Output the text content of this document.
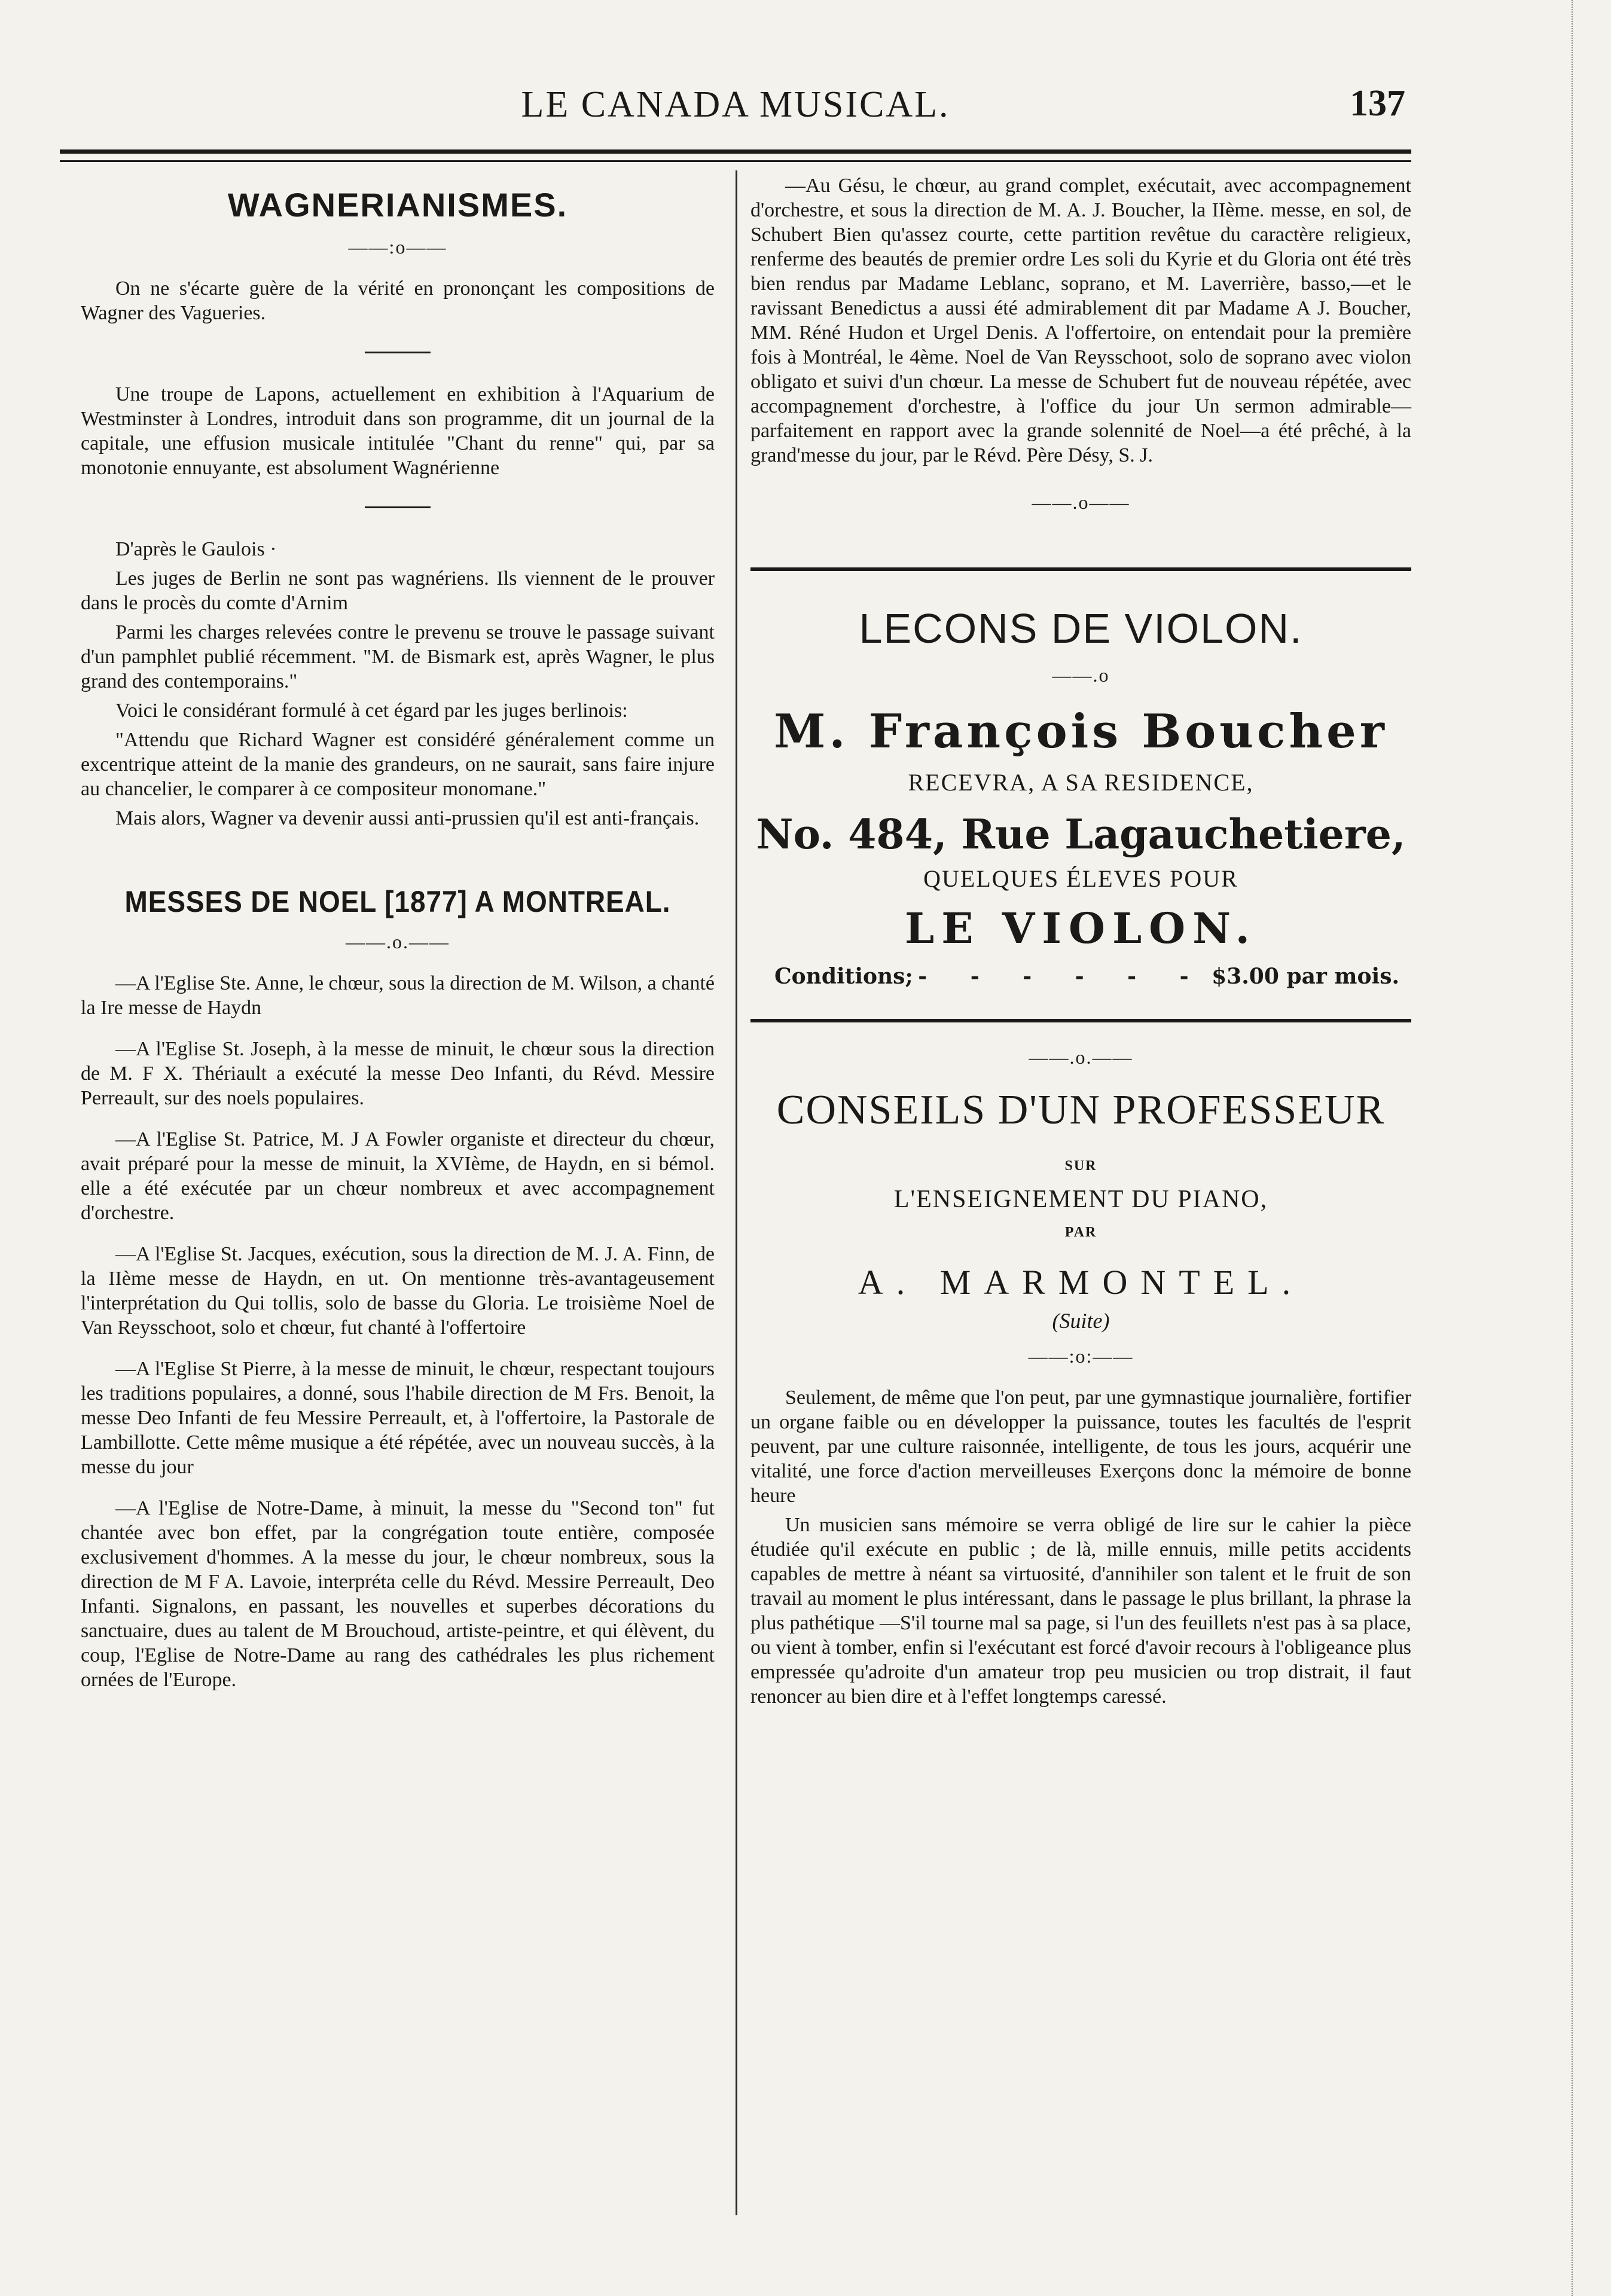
LE CANADA MUSICAL.	137
WAGNERIANISMES.
——:o——

On ne s'écarte guère de la vérité en prononçant les compositions de Wagner des Vagueries.

Une troupe de Lapons, actuellement en exhibition à l'Aquarium de Westminster à Londres, introduit dans son programme, dit un journal de la capitale, une effusion musicale intitulée "Chant du renne" qui, par sa monotonie ennuyante, est absolument Wagnérienne

D'après le Gaulois ·

Les juges de Berlin ne sont pas wagnériens. Ils viennent de le prouver dans le procès du comte d'Arnim

Parmi les charges relevées contre le prevenu se trouve le passage suivant d'un pamphlet publié récemment. "M. de Bismark est, après Wagner, le plus grand des contemporains."

Voici le considérant formulé à cet égard par les juges berlinois:

"Attendu que Richard Wagner est considéré généralement comme un excentrique atteint de la manie des grandeurs, on ne saurait, sans faire injure au chancelier, le comparer à ce compositeur monomane."

Mais alors, Wagner va devenir aussi anti-prussien qu'il est anti-français.

MESSES DE NOEL [1877] A MONTREAL.
——.o.——

—A l'Eglise Ste. Anne, le chœur, sous la direction de M. Wilson, a chanté la Ire messe de Haydn

—A l'Eglise St. Joseph, à la messe de minuit, le chœur sous la direction de M. F X. Thériault a exécuté la messe Deo Infanti, du Révd. Messire Perreault, sur des noels populaires.

—A l'Eglise St. Patrice, M. J A Fowler organiste et directeur du chœur, avait préparé pour la messe de minuit, la XVIème, de Haydn, en si bémol. elle a été exécutée par un chœur nombreux et avec accompagnement d'orchestre.

—A l'Eglise St. Jacques, exécution, sous la direction de M. J. A. Finn, de la IIème messe de Haydn, en ut. On mentionne très-avantageusement l'interprétation du Qui tollis, solo de basse du Gloria. Le troisième Noel de Van Reysschoot, solo et chœur, fut chanté à l'offertoire

—A l'Eglise St Pierre, à la messe de minuit, le chœur, respectant toujours les traditions populaires, a donné, sous l'habile direction de M Frs. Benoit, la messe Deo Infanti de feu Messire Perreault, et, à l'offertoire, la Pastorale de Lambillotte. Cette même musique a été répétée, avec un nouveau succès, à la messe du jour

—A l'Eglise de Notre-Dame, à minuit, la messe du "Second ton" fut chantée avec bon effet, par la congrégation toute entière, composée exclusivement d'hommes. A la messe du jour, le chœur nombreux, sous la direction de M F A. Lavoie, interpréta celle du Révd. Messire Perreault, Deo Infanti. Signalons, en passant, les nouvelles et superbes décorations du sanctuaire, dues au talent de M Brouchoud, artiste-peintre, et qui élèvent, du coup, l'Eglise de Notre-Dame au rang des cathédrales les plus richement ornées de l'Europe.

—Au Gésu, le chœur, au grand complet, exécutait, avec accompagnement d'orchestre, et sous la direction de M. A. J. Boucher, la IIème. messe, en sol, de Schubert Bien qu'assez courte, cette partition revêtue du caractère religieux, renferme des beautés de premier ordre Les soli du Kyrie et du Gloria ont été très bien rendus par Madame Leblanc, soprano, et M. Laverrière, basso,—et le ravissant Benedictus a aussi été admirablement dit par Madame A J. Boucher, MM. Réné Hudon et Urgel Denis. A l'offertoire, on entendait pour la première fois à Montréal, le 4ème. Noel de Van Reysschoot, solo de soprano avec violon obligato et suivi d'un chœur. La messe de Schubert fut de nouveau répétée, avec accompagnement d'orchestre, à l'office du jour Un sermon admirable—parfaitement en rapport avec la grande solennité de Noel—a été prêché, à la grand'messe du jour, par le Révd. Père Désy, S. J.

——.o——
LECONS DE VIOLON.
——.o
M. François Boucher
RECEVRA, A SA RESIDENCE,
No. 484, Rue Lagauchetiere,
QUELQUES ÉLEVES POUR
LE VIOLON.
Conditions; - - - - - - $3.00 par mois.
——.o.——
CONSEILS D'UN PROFESSEUR
SUR
L'ENSEIGNEMENT DU PIANO,
PAR
A. MARMONTEL.
(Suite)
——:o:——

Seulement, de même que l'on peut, par une gymnastique journalière, fortifier un organe faible ou en développer la puissance, toutes les facultés de l'esprit peuvent, par une culture raisonnée, intelligente, de tous les jours, acquérir une vitalité, une force d'action merveilleuses Exerçons donc la mémoire de bonne heure

Un musicien sans mémoire se verra obligé de lire sur le cahier la pièce étudiée qu'il exécute en public ; de là, mille ennuis, mille petits accidents capables de mettre à néant sa virtuosité, d'annihiler son talent et le fruit de son travail au moment le plus intéressant, dans le passage le plus brillant, la phrase la plus pathétique —S'il tourne mal sa page, si l'un des feuillets n'est pas à sa place, ou vient à tomber, enfin si l'exécutant est forcé d'avoir recours à l'obligeance plus empressée qu'adroite d'un amateur trop peu musicien ou trop distrait, il faut renoncer au bien dire et à l'effet longtemps caressé.
